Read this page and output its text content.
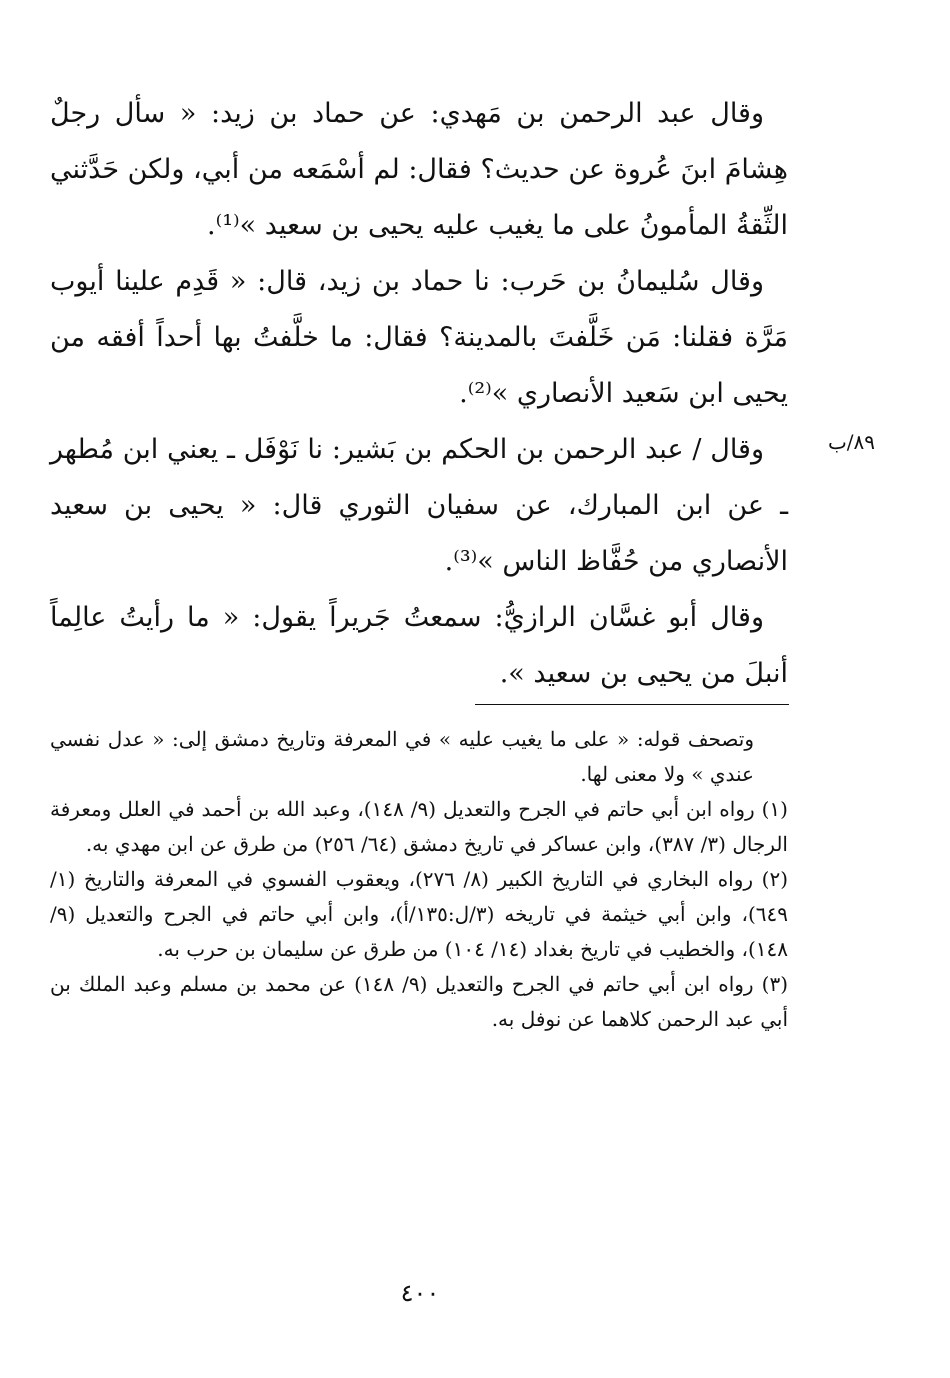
وقال عبد الرحمن بن مَهدي: عن حماد بن زيد: « سأل رجلٌ هِشامَ ابنَ عُروة عن حديث؟ فقال: لم أسْمَعه من أبي، ولكن حَدَّثني الثِّقةُ المأمونُ على ما يغيب عليه يحيى بن سعيد »⁽¹⁾.

وقال سُليمانُ بن حَرب: نا حماد بن زيد، قال: « قَدِم علينا أيوب مَرَّة فقلنا: مَن خَلَّفتَ بالمدينة؟ فقال: ما خلَّفتُ بها أحداً أفقه من يحيى ابن سَعيد الأنصاري »⁽²⁾.

وقال / عبد الرحمن بن الحكم بن بَشير: نا نَوْفَل ـ يعني ابن مُطهر ـ عن ابن المبارك، عن سفيان الثوري قال: « يحيى بن سعيد الأنصاري من حُفَّاظ الناس »⁽³⁾.

وقال أبو غسَّان الرازيُّ: سمعتُ جَريراً يقول: « ما رأيتُ عالِماً أنبلَ من يحيى بن سعيد ».

٨٩/ب

وتصحف قوله: « على ما يغيب عليه » في المعرفة وتاريخ دمشق إلى: « عدل نفسي عندي » ولا معنى لها.

(١) رواه ابن أبي حاتم في الجرح والتعديل (٩/ ١٤٨)، وعبد الله بن أحمد في العلل ومعرفة الرجال (٣/ ٣٨٧)، وابن عساكر في تاريخ دمشق (٦٤/ ٢٥٦) من طرق عن ابن مهدي به.

(٢) رواه البخاري في التاريخ الكبير (٨/ ٢٧٦)، ويعقوب الفسوي في المعرفة والتاريخ (١/ ٦٤٩)، وابن أبي خيثمة في تاريخه (٣/ل:١٣٥/أ)، وابن أبي حاتم في الجرح والتعديل (٩/ ١٤٨)، والخطيب في تاريخ بغداد (١٤/ ١٠٤) من طرق عن سليمان بن حرب به.

(٣) رواه ابن أبي حاتم في الجرح والتعديل (٩/ ١٤٨) عن محمد بن مسلم وعبد الملك بن أبي عبد الرحمن كلاهما عن نوفل به.

٤٠٠
